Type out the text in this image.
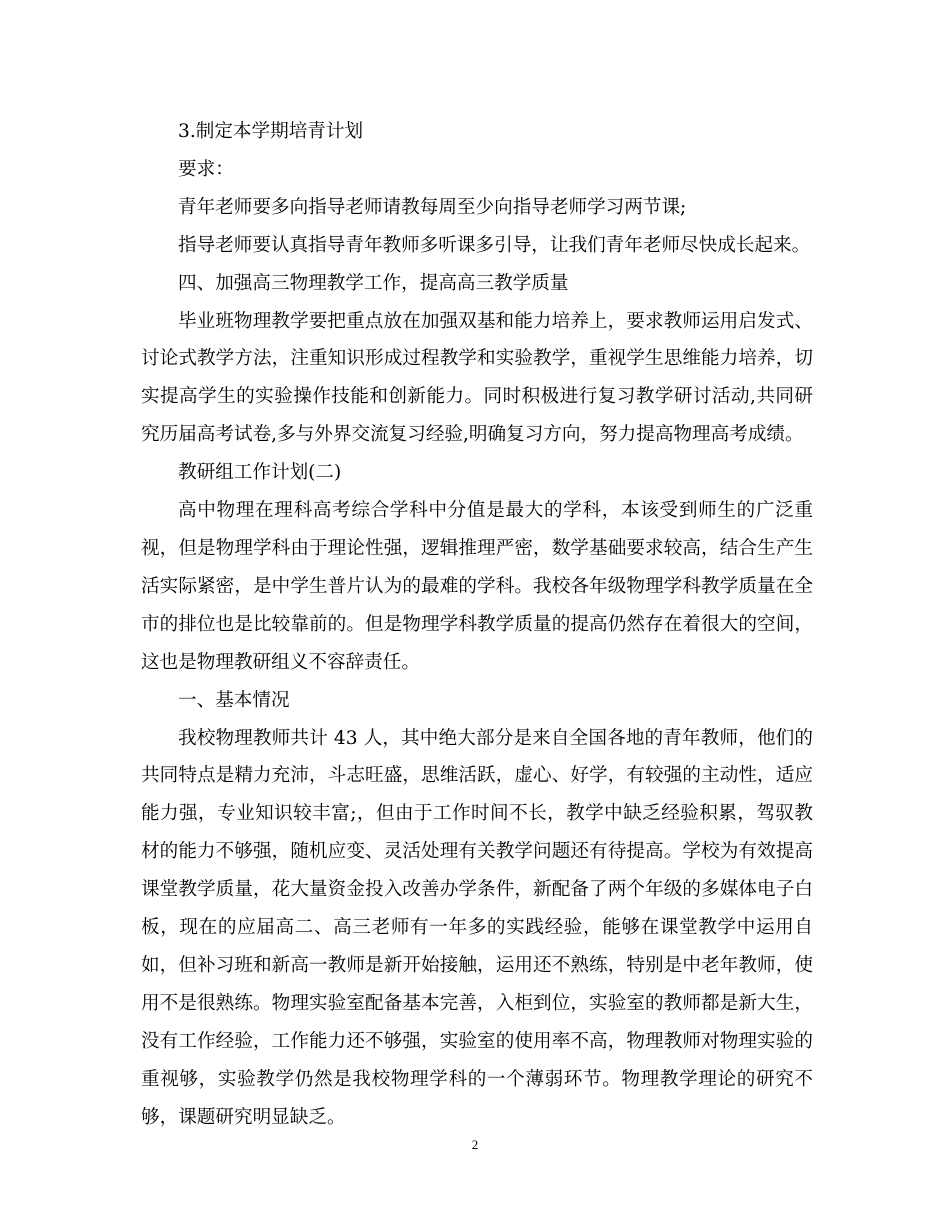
3.制定本学期培青计划

要求：

青年老师要多向指导老师请教每周至少向指导老师学习两节课;

指导老师要认真指导青年教师多听课多引导，让我们青年老师尽快成长起来。

四、加强高三物理教学工作，提高高三教学质量

毕业班物理教学要把重点放在加强双基和能力培养上，要求教师运用启发式、讨论式教学方法，注重知识形成过程教学和实验教学，重视学生思维能力培养，切实提高学生的实验操作技能和创新能力。同时积极进行复习教学研讨活动,共同研究历届高考试卷,多与外界交流复习经验,明确复习方向，努力提高物理高考成绩。

教研组工作计划(二)

高中物理在理科高考综合学科中分值是最大的学科，本该受到师生的广泛重视，但是物理学科由于理论性强，逻辑推理严密，数学基础要求较高，结合生产生活实际紧密，是中学生普片认为的最难的学科。我校各年级物理学科教学质量在全市的排位也是比较靠前的。但是物理学科教学质量的提高仍然存在着很大的空间，这也是物理教研组义不容辞责任。

一、基本情况

我校物理教师共计 43 人，其中绝大部分是来自全国各地的青年教师，他们的共同特点是精力充沛，斗志旺盛，思维活跃，虚心、好学，有较强的主动性，适应能力强，专业知识较丰富;，但由于工作时间不长，教学中缺乏经验积累，驾驭教材的能力不够强，随机应变、灵活处理有关教学问题还有待提高。学校为有效提高课堂教学质量，花大量资金投入改善办学条件，新配备了两个年级的多媒体电子白板，现在的应届高二、高三老师有一年多的实践经验，能够在课堂教学中运用自如，但补习班和新高一教师是新开始接触，运用还不熟练，特别是中老年教师，使用不是很熟练。物理实验室配备基本完善，入柜到位，实验室的教师都是新大生，没有工作经验，工作能力还不够强，实验室的使用率不高，物理教师对物理实验的重视够，实验教学仍然是我校物理学科的一个薄弱环节。物理教学理论的研究不够，课题研究明显缺乏。

2
